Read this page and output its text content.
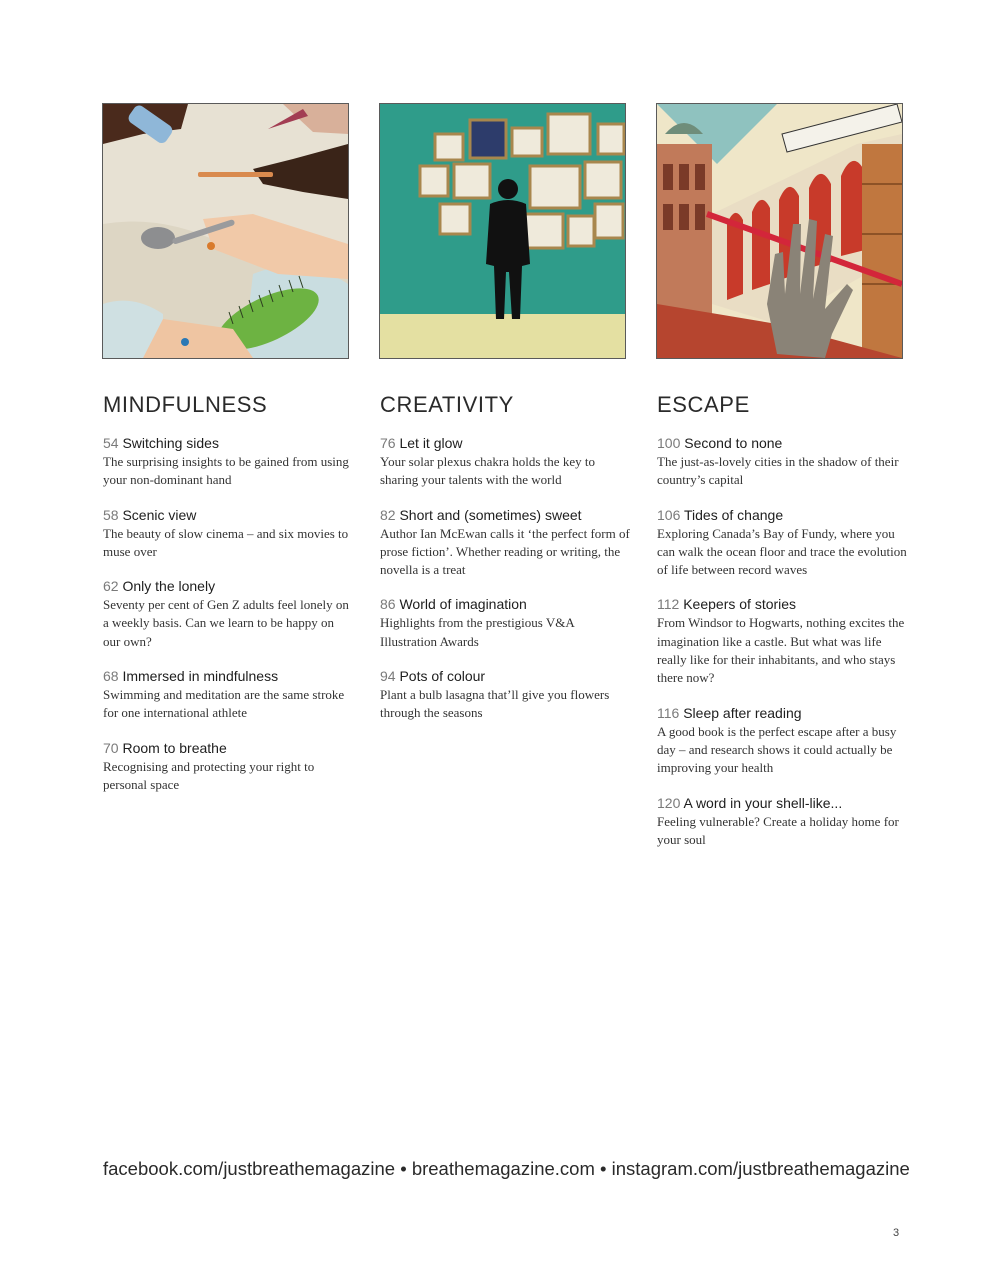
MINDFULNESS
54 Switching sides
The surprising insights to be gained from using your non-dominant hand
58 Scenic view
The beauty of slow cinema – and six movies to muse over
62 Only the lonely
Seventy per cent of Gen Z adults feel lonely on a weekly basis. Can we learn to be happy on our own?
68 Immersed in mindfulness
Swimming and meditation are the same stroke for one international athlete
70 Room to breathe
Recognising and protecting your right to personal space
CREATIVITY
76 Let it glow
Your solar plexus chakra holds the key to sharing your talents with the world
82 Short and (sometimes) sweet
Author Ian McEwan calls it ‘the perfect form of prose fiction’. Whether reading or writing, the novella is a treat
86 World of imagination
Highlights from the prestigious V&A Illustration Awards
94 Pots of colour
Plant a bulb lasagna that’ll give you flowers through the seasons
ESCAPE
100 Second to none
The just-as-lovely cities in the shadow of their country’s capital
106 Tides of change
Exploring Canada’s Bay of Fundy, where you can walk the ocean floor and trace the evolution of life between record waves
112 Keepers of stories
From Windsor to Hogwarts, nothing excites the imagination like a castle. But what was life really like for their inhabitants, and who stays there now?
116 Sleep after reading
A good book is the perfect escape after a busy day – and research shows it could actually be improving your health
120 A word in your shell-like...
Feeling vulnerable? Create a holiday home for your soul
facebook.com/justbreathemagazine • breathemagazine.com • instagram.com/justbreathemagazine
3
